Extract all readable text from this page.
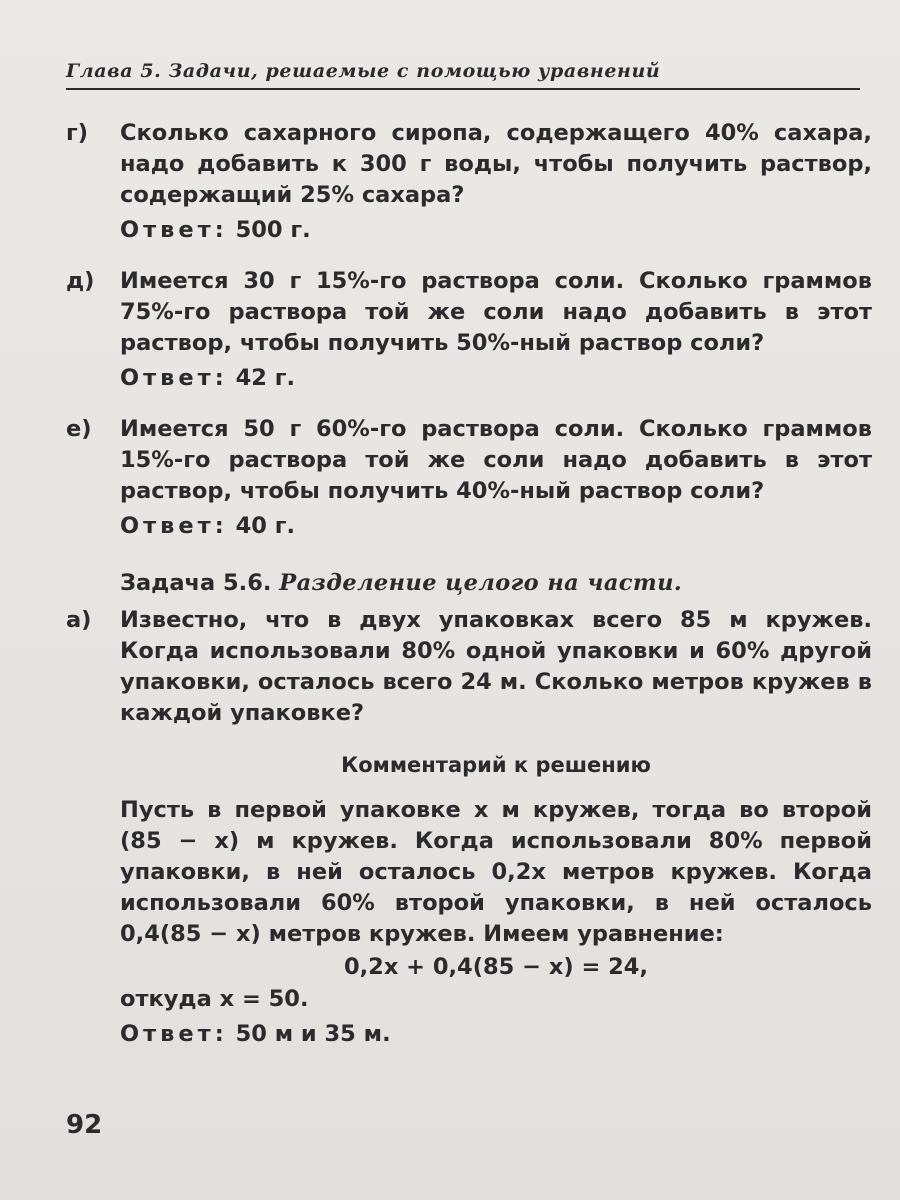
Глава 5. Задачи, решаемые с помощью уравнений
г) Сколько сахарного сиропа, содержащего 40% сахара, надо добавить к 300 г воды, чтобы получить раствор, содержащий 25% сахара?
Ответ: 500 г.
д) Имеется 30 г 15%-го раствора соли. Сколько граммов 75%-го раствора той же соли надо добавить в этот раствор, чтобы получить 50%-ный раствор соли?
Ответ: 42 г.
е) Имеется 50 г 60%-го раствора соли. Сколько граммов 15%-го раствора той же соли надо добавить в этот раствор, чтобы получить 40%-ный раствор соли?
Ответ: 40 г.
Задача 5.6. Разделение целого на части.
а) Известно, что в двух упаковках всего 85 м кружев. Когда использовали 80% одной упаковки и 60% другой упаковки, осталось всего 24 м. Сколько метров кружев в каждой упаковке?
Комментарий к решению
Пусть в первой упаковке x м кружев, тогда во второй (85 − x) м кружев. Когда использовали 80% первой упаковки, в ней осталось 0,2x метров кружев. Когда использовали 60% второй упаковки, в ней осталось 0,4(85 − x) метров кружев. Имеем уравнение:
0,2x + 0,4(85 − x) = 24,
откуда x = 50.
Ответ: 50 м и 35 м.
92
